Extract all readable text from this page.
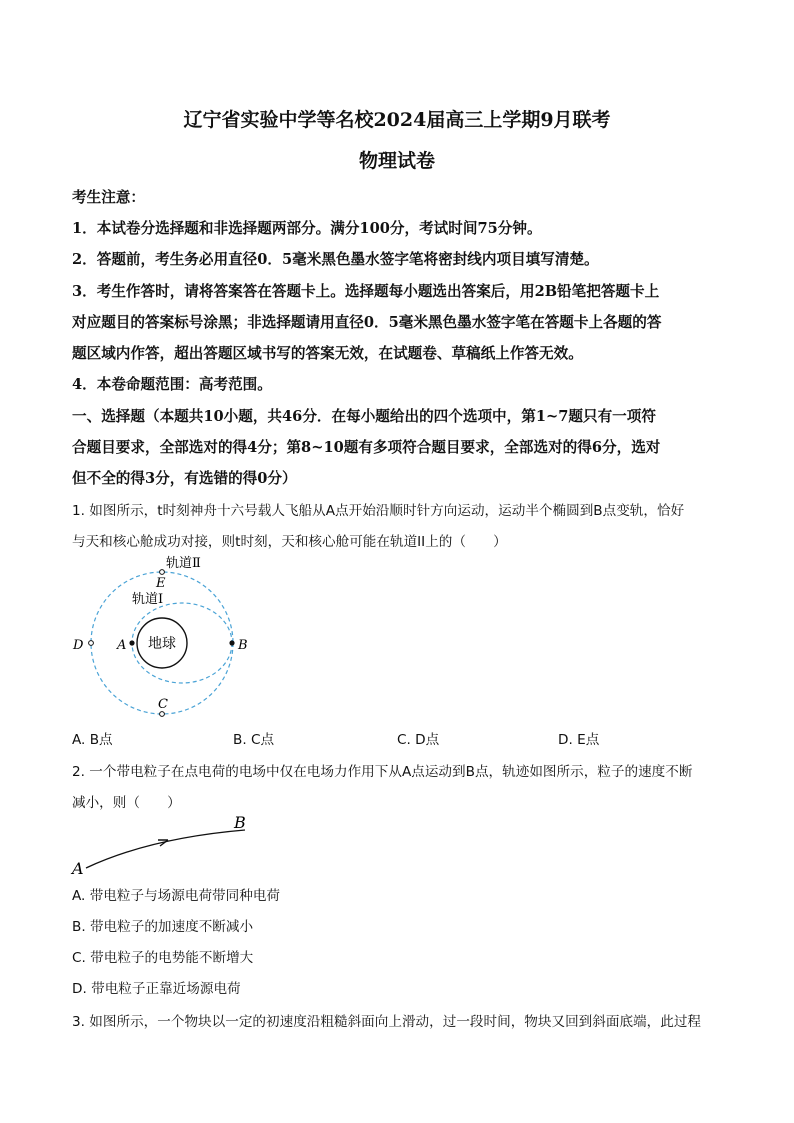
辽宁省实验中学等名校2024届高三上学期9月联考
物理试卷
考生注意：
1．本试卷分选择题和非选择题两部分。满分100分，考试时间75分钟。
2．答题前，考生务必用直径0．5毫米黑色墨水签字笔将密封线内项目填写清楚。
3．考生作答时，请将答案答在答题卡上。选择题每小题选出答案后，用2B铅笔把答题卡上
对应题目的答案标号涂黑；非选择题请用直径0．5毫米黑色墨水签字笔在答题卡上各题的答
题区域内作答，超出答题区域书写的答案无效，在试题卷、草稿纸上作答无效。
4．本卷命题范围：高考范围。
一、选择题（本题共10小题，共46分．在每小题给出的四个选项中，第1~7题只有一项符
合题目要求，全部选对的得4分；第8~10题有多项符合题目要求，全部选对的得6分，选对
但不全的得3分，有选错的得0分）
1. 如图所示，t时刻神舟十六号载人飞船从A点开始沿顺时针方向运动，运动半个椭圆到B点变轨，恰好
与天和核心舱成功对接，则t时刻，天和核心舱可能在轨道II上的（　　）
地球
A	B
C
D
E
轨道Ⅱ
轨道Ⅰ
A. B点	B. C点	C. D点	D. E点
2. 一个带电粒子在点电荷的电场中仅在电场力作用下从A点运动到B点，轨迹如图所示，粒子的速度不断
减小，则（　　）
A
B
A. 带电粒子与场源电荷带同种电荷
B. 带电粒子的加速度不断减小
C. 带电粒子的电势能不断增大
D. 带电粒子正靠近场源电荷
3. 如图所示，一个物块以一定的初速度沿粗糙斜面向上滑动，过一段时间，物块又回到斜面底端，此过程
